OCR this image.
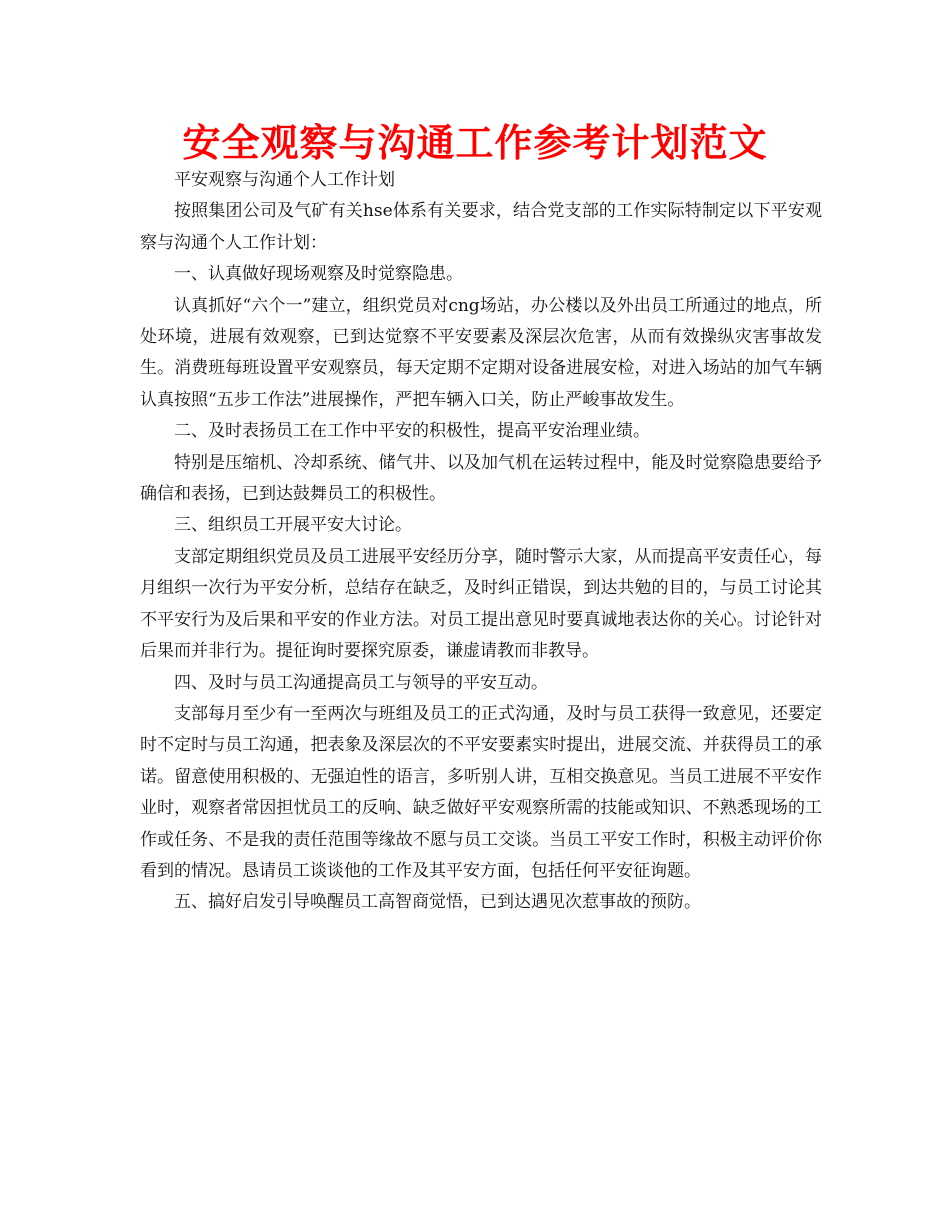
安全观察与沟通工作参考计划范文

平安观察与沟通个人工作计划

按照集团公司及气矿有关hse体系有关要求，结合党支部的工作实际特制定以下平安观察与沟通个人工作计划：

一、认真做好现场观察及时觉察隐患。

认真抓好“六个一”建立，组织党员对cng场站，办公楼以及外出员工所通过的地点，所处环境，进展有效观察，已到达觉察不平安要素及深层次危害，从而有效操纵灾害事故发生。消费班每班设置平安观察员，每天定期不定期对设备进展安检，对进入场站的加气车辆认真按照“五步工作法”进展操作，严把车辆入口关，防止严峻事故发生。

二、及时表扬员工在工作中平安的积极性，提高平安治理业绩。

特别是压缩机、冷却系统、储气井、以及加气机在运转过程中，能及时觉察隐患要给予确信和表扬，已到达鼓舞员工的积极性。

三、组织员工开展平安大讨论。

支部定期组织党员及员工进展平安经历分享，随时警示大家，从而提高平安责任心，每月组织一次行为平安分析，总结存在缺乏，及时纠正错误，到达共勉的目的，与员工讨论其不平安行为及后果和平安的作业方法。对员工提出意见时要真诚地表达你的关心。讨论针对后果而并非行为。提征询时要探究原委，谦虚请教而非教导。

四、及时与员工沟通提高员工与领导的平安互动。

支部每月至少有一至两次与班组及员工的正式沟通，及时与员工获得一致意见，还要定时不定时与员工沟通，把表象及深层次的不平安要素实时提出，进展交流、并获得员工的承诺。留意使用积极的、无强迫性的语言，多听别人讲，互相交换意见。当员工进展不平安作业时，观察者常因担忧员工的反响、缺乏做好平安观察所需的技能或知识、不熟悉现场的工作或任务、不是我的责任范围等缘故不愿与员工交谈。当员工平安工作时，积极主动评价你看到的情况。恳请员工谈谈他的工作及其平安方面，包括任何平安征询题。

五、搞好启发引导唤醒员工高智商觉悟，已到达遇见次惹事故的预防。
